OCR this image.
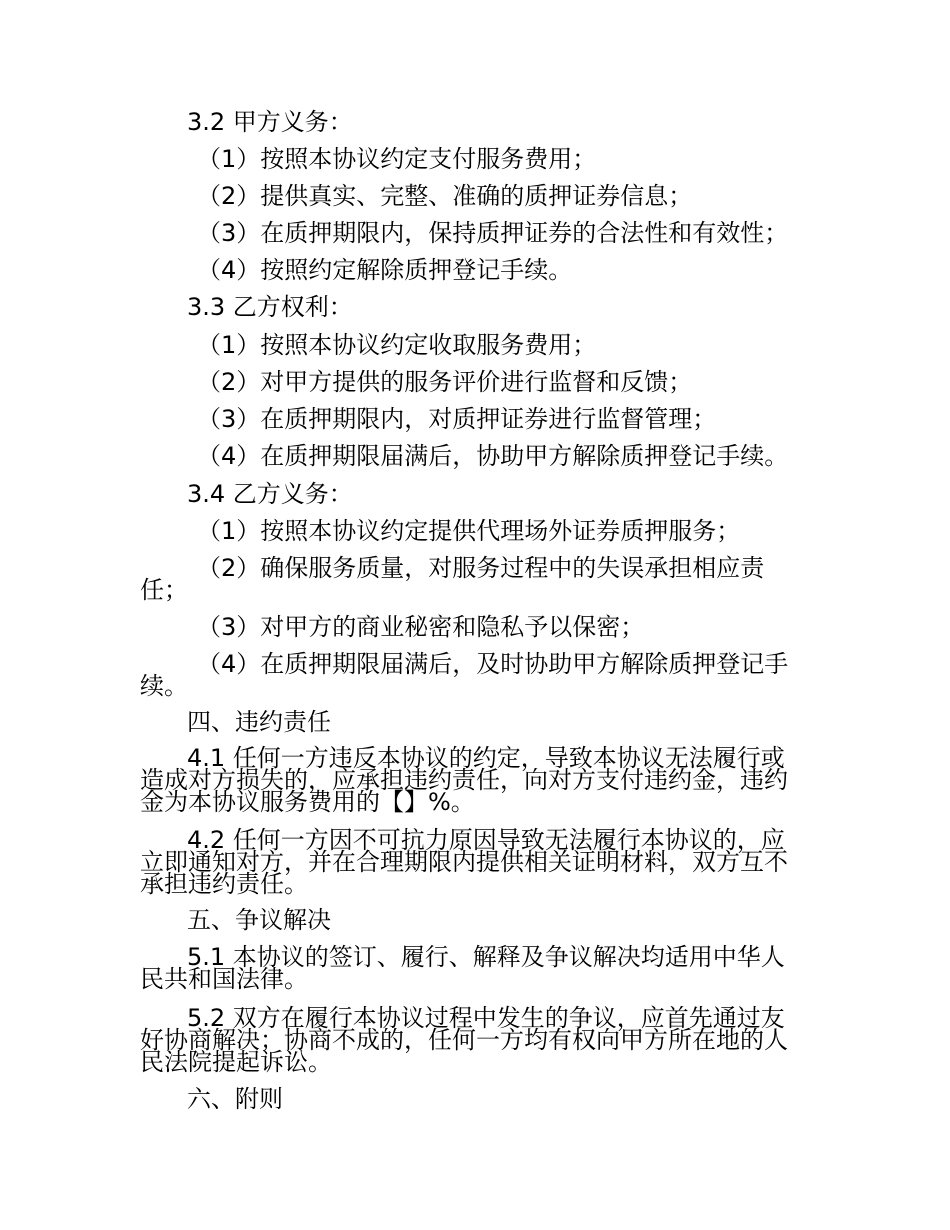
3.2 甲方义务：
（1）按照本协议约定支付服务费用；
（2）提供真实、完整、准确的质押证券信息；
（3）在质押期限内，保持质押证券的合法性和有效性；
（4）按照约定解除质押登记手续。
3.3 乙方权利：
（1）按照本协议约定收取服务费用；
（2）对甲方提供的服务评价进行监督和反馈；
（3）在质押期限内，对质押证券进行监督管理；
（4）在质押期限届满后，协助甲方解除质押登记手续。
3.4 乙方义务：
（1）按照本协议约定提供代理场外证券质押服务；
（2）确保服务质量，对服务过程中的失误承担相应责
任；
（3）对甲方的商业秘密和隐私予以保密；
（4）在质押期限届满后，及时协助甲方解除质押登记手
续。
四、违约责任
4.1 任何一方违反本协议的约定，导致本协议无法履行或
造成对方损失的，应承担违约责任，向对方支付违约金，违约
金为本协议服务费用的【】%。
4.2 任何一方因不可抗力原因导致无法履行本协议的，应
立即通知对方，并在合理期限内提供相关证明材料，双方互不
承担违约责任。
五、争议解决
5.1 本协议的签订、履行、解释及争议解决均适用中华人
民共和国法律。
5.2 双方在履行本协议过程中发生的争议，应首先通过友
好协商解决；协商不成的，任何一方均有权向甲方所在地的人
民法院提起诉讼。
六、附则
